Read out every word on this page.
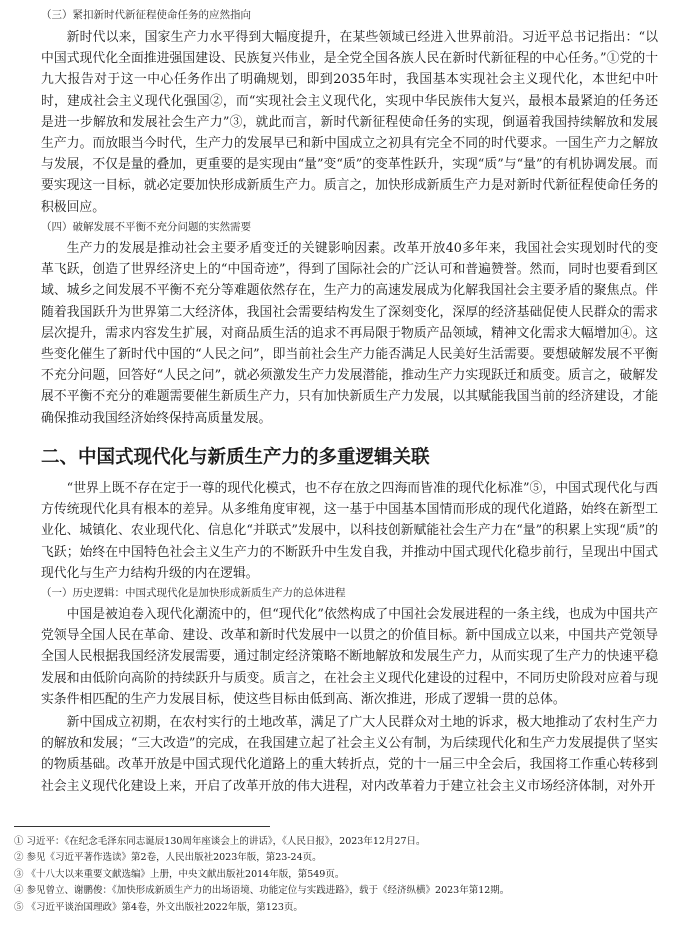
（三）紧扣新时代新征程使命任务的应然指向

新时代以来，国家生产力水平得到大幅度提升，在某些领域已经进入世界前沿。习近平总书记指出：“以中国式现代化全面推进强国建设、民族复兴伟业，是全党全国各族人民在新时代新征程的中心任务。”①党的十九大报告对于这一中心任务作出了明确规划，即到2035年时，我国基本实现社会主义现代化，本世纪中叶时，建成社会主义现代化强国②，而“实现社会主义现代化，实现中华民族伟大复兴，最根本最紧迫的任务还是进一步解放和发展社会生产力”③，就此而言，新时代新征程使命任务的实现，倒逼着我国持续解放和发展生产力。而放眼当今时代，生产力的发展早已和新中国成立之初具有完全不同的时代要求。一国生产力之解放与发展，不仅是量的叠加，更重要的是实现由“量”变“质”的变革性跃升，实现“质”与“量”的有机协调发展。而要实现这一目标，就必定要加快形成新质生产力。质言之，加快形成新质生产力是对新时代新征程使命任务的积极回应。

（四）破解发展不平衡不充分问题的实然需要

生产力的发展是推动社会主要矛盾变迁的关键影响因素。改革开放40多年来，我国社会实现划时代的变革飞跃，创造了世界经济史上的“中国奇迹”，得到了国际社会的广泛认可和普遍赞誉。然而，同时也要看到区域、城乡之间发展不平衡不充分等难题依然存在，生产力的高速发展成为化解我国社会主要矛盾的聚焦点。伴随着我国跃升为世界第二大经济体，我国社会需要结构发生了深刻变化，深厚的经济基础促使人民群众的需求层次提升，需求内容发生扩展，对商品质生活的追求不再局限于物质产品领域，精神文化需求大幅增加④。这些变化催生了新时代中国的“人民之问”，即当前社会生产力能否满足人民美好生活需要。要想破解发展不平衡不充分问题，回答好“人民之问”，就必须激发生产力发展潜能，推动生产力实现跃迁和质变。质言之，破解发展不平衡不充分的难题需要催生新质生产力，只有加快新质生产力发展，以其赋能我国当前的经济建设，才能确保推动我国经济始终保持高质量发展。

二、中国式现代化与新质生产力的多重逻辑关联

“世界上既不存在定于一尊的现代化模式，也不存在放之四海而皆准的现代化标准”⑤，中国式现代化与西方传统现代化具有根本的差异。从多维角度审视，这一基于中国基本国情而形成的现代化道路，始终在新型工业化、城镇化、农业现代化、信息化“并联式”发展中，以科技创新赋能社会生产力在“量”的积累上实现“质”的飞跃；始终在中国特色社会主义生产力的不断跃升中生发自我，并推动中国式现代化稳步前行，呈现出中国式现代化与生产力结构升级的内在逻辑。

（一）历史逻辑：中国式现代化是加快形成新质生产力的总体进程

中国是被迫卷入现代化潮流中的，但“现代化”依然构成了中国社会发展进程的一条主线，也成为中国共产党领导全国人民在革命、建设、改革和新时代发展中一以贯之的价值目标。新中国成立以来，中国共产党领导全国人民根据我国经济发展需要，通过制定经济策略不断地解放和发展生产力，从而实现了生产力的快速平稳发展和由低阶向高阶的持续跃升与质变。质言之，在社会主义现代化建设的过程中，不同历史阶段对应着与现实条件相匹配的生产力发展目标，使这些目标由低到高、渐次推进，形成了逻辑一贯的总体。

新中国成立初期，在农村实行的土地改革，满足了广大人民群众对土地的诉求，极大地推动了农村生产力的解放和发展；“三大改造”的完成，在我国建立起了社会主义公有制，为后续现代化和生产力发展提供了坚实的物质基础。改革开放是中国式现代化道路上的重大转折点，党的十一届三中全会后，我国将工作重心转移到社会主义现代化建设上来，开启了改革开放的伟大进程，对内改革着力于建立社会主义市场经济体制，对外开

① 习近平：《在纪念毛泽东同志诞辰130周年座谈会上的讲话》，《人民日报》，2023年12月27日。
② 参见《习近平著作选读》第2卷，人民出版社2023年版，第23-24页。
③ 《十八大以来重要文献选编》上册，中央文献出版社2014年版，第549页。
④ 参见曾立、谢鹏俊：《加快形成新质生产力的出场语境、功能定位与实践进路》，载于《经济纵横》2023年第12期。
⑤ 《习近平谈治国理政》第4卷，外文出版社2022年版，第123页。
